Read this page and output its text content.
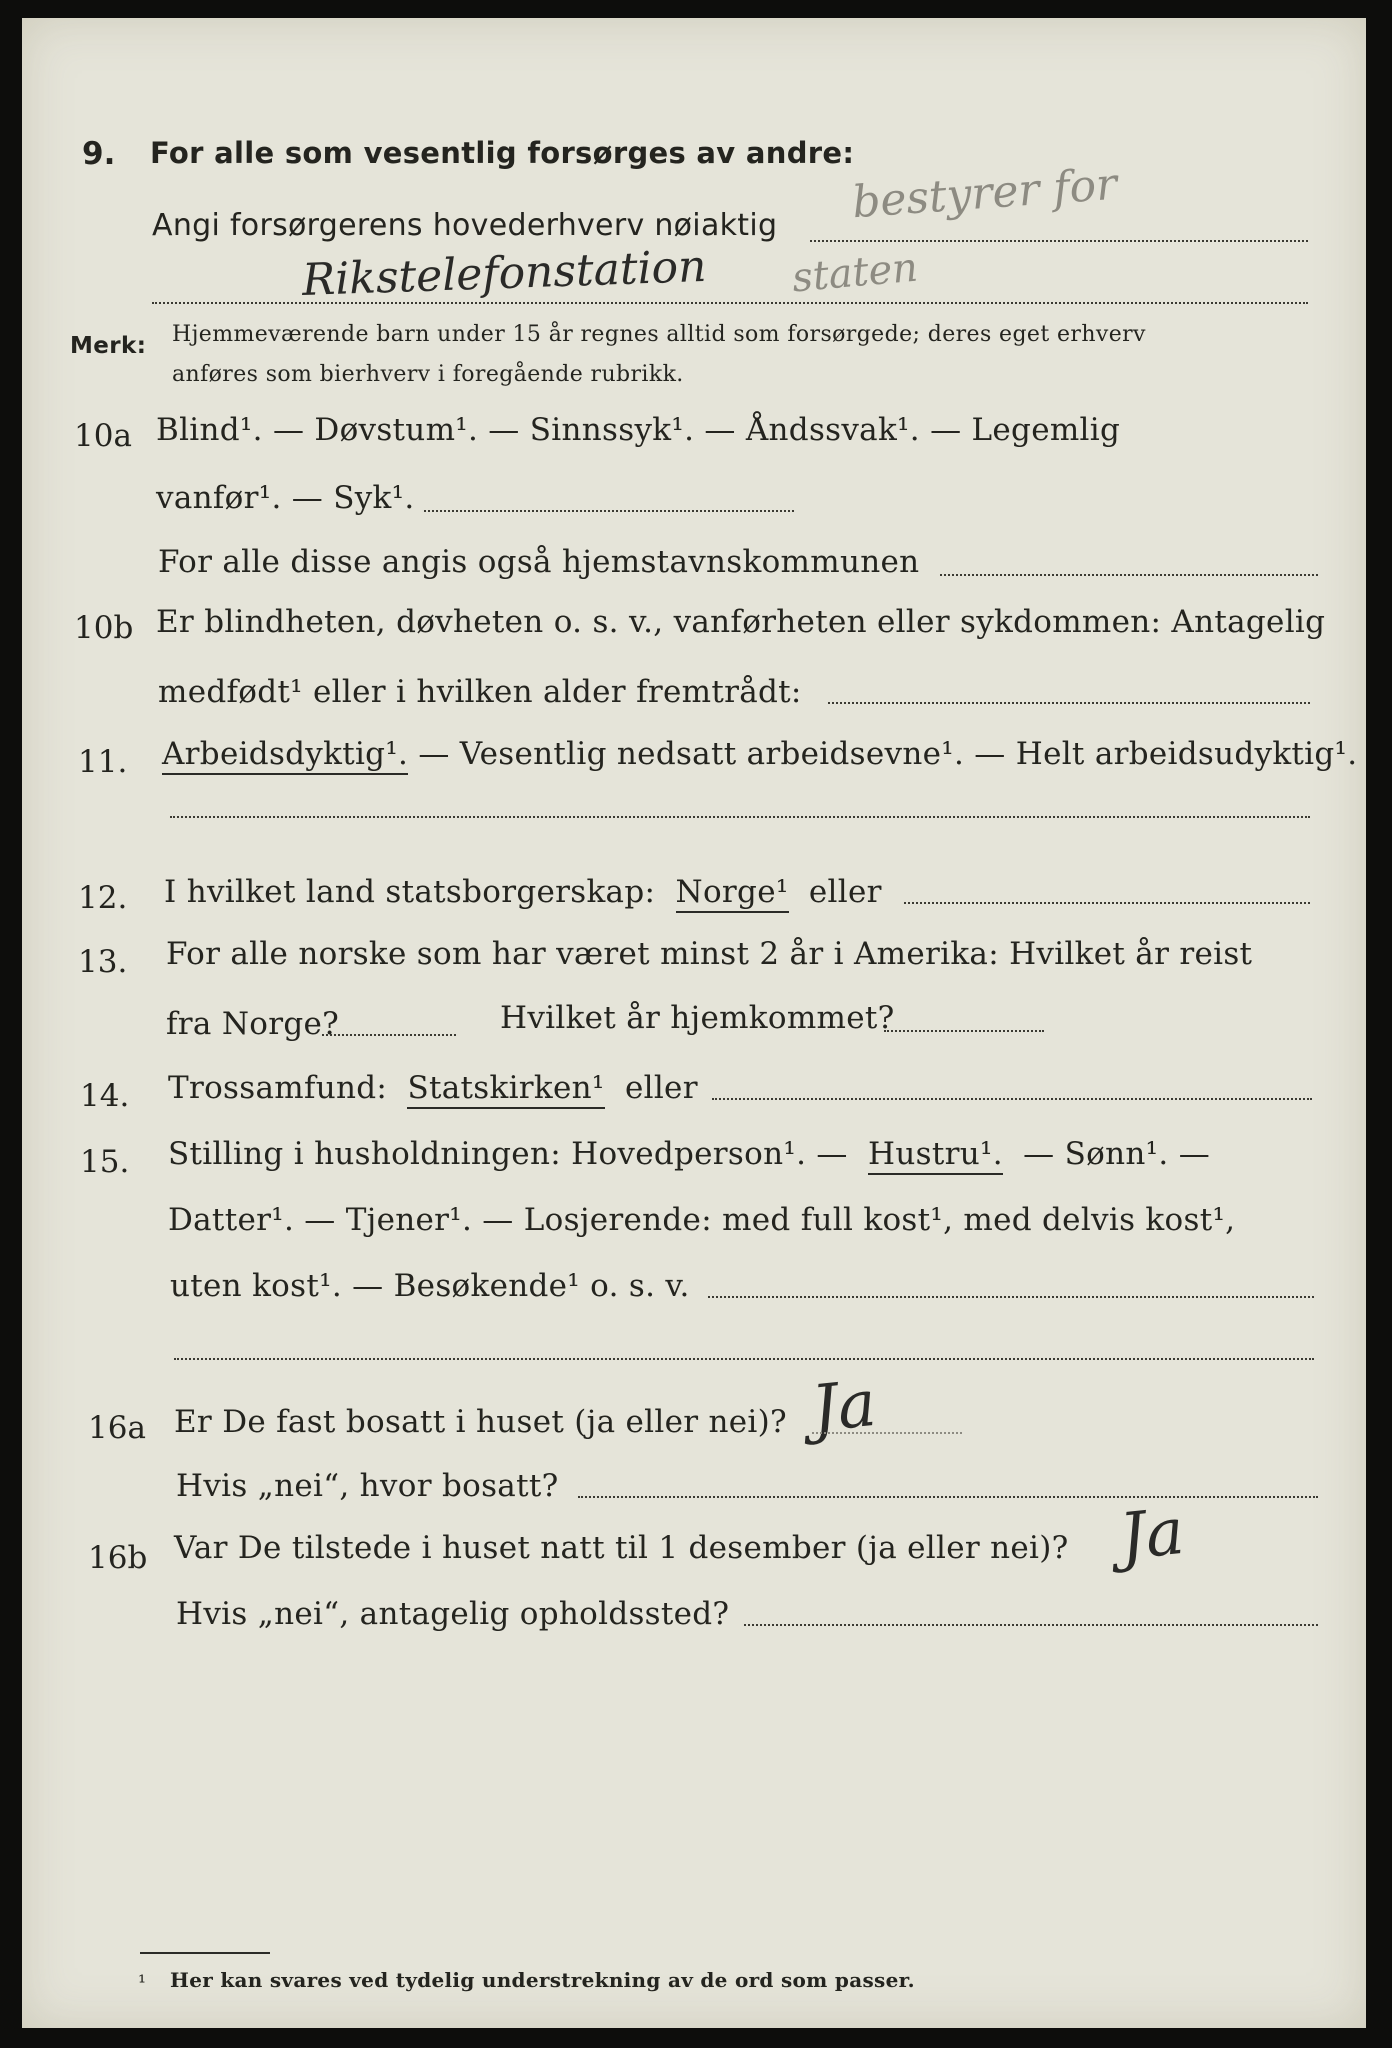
9. For alle som vesentlig forsørges av andre:
bestyrer for
Angi forsørgerens hovederhverv nøiaktig
Rikstelefonstation staten
Merk: Hjemmeværende barn under 15 år regnes alltid som forsørgede; deres eget erhverv
anføres som bierhverv i foregående rubrikk.
10a Blind¹. — Døvstum¹. — Sinnssyk¹. — Åndssvak¹. — Legemlig
vanfør¹. — Syk¹.
For alle disse angis også hjemstavnskommunen
10b Er blindheten, døvheten o. s. v., vanførheten eller sykdommen: Antagelig
medfødt¹ eller i hvilken alder fremtrådt:
11. Arbeidsdyktig¹. — Vesentlig nedsatt arbeidsevne¹. — Helt arbeidsudyktig¹.
12. I hvilket land statsborgerskap: Norge¹ eller
13. For alle norske som har været minst 2 år i Amerika: Hvilket år reist
fra Norge?	Hvilket år hjemkommet?
14. Trossamfund: Statskirken¹ eller
15. Stilling i husholdningen: Hovedperson¹. — Hustru¹. — Sønn¹. —
Datter¹. — Tjener¹. — Losjerende: med full kost¹, med delvis kost¹,
uten kost¹. — Besøkende¹ o. s. v.
16a Er De fast bosatt i huset (ja eller nei)? Ja
Hvis „nei“, hvor bosatt?
16b Var De tilstede i huset natt til 1 desember (ja eller nei)? Ja
Hvis „nei“, antagelig opholdssted?
¹ Her kan svares ved tydelig understrekning av de ord som passer.
